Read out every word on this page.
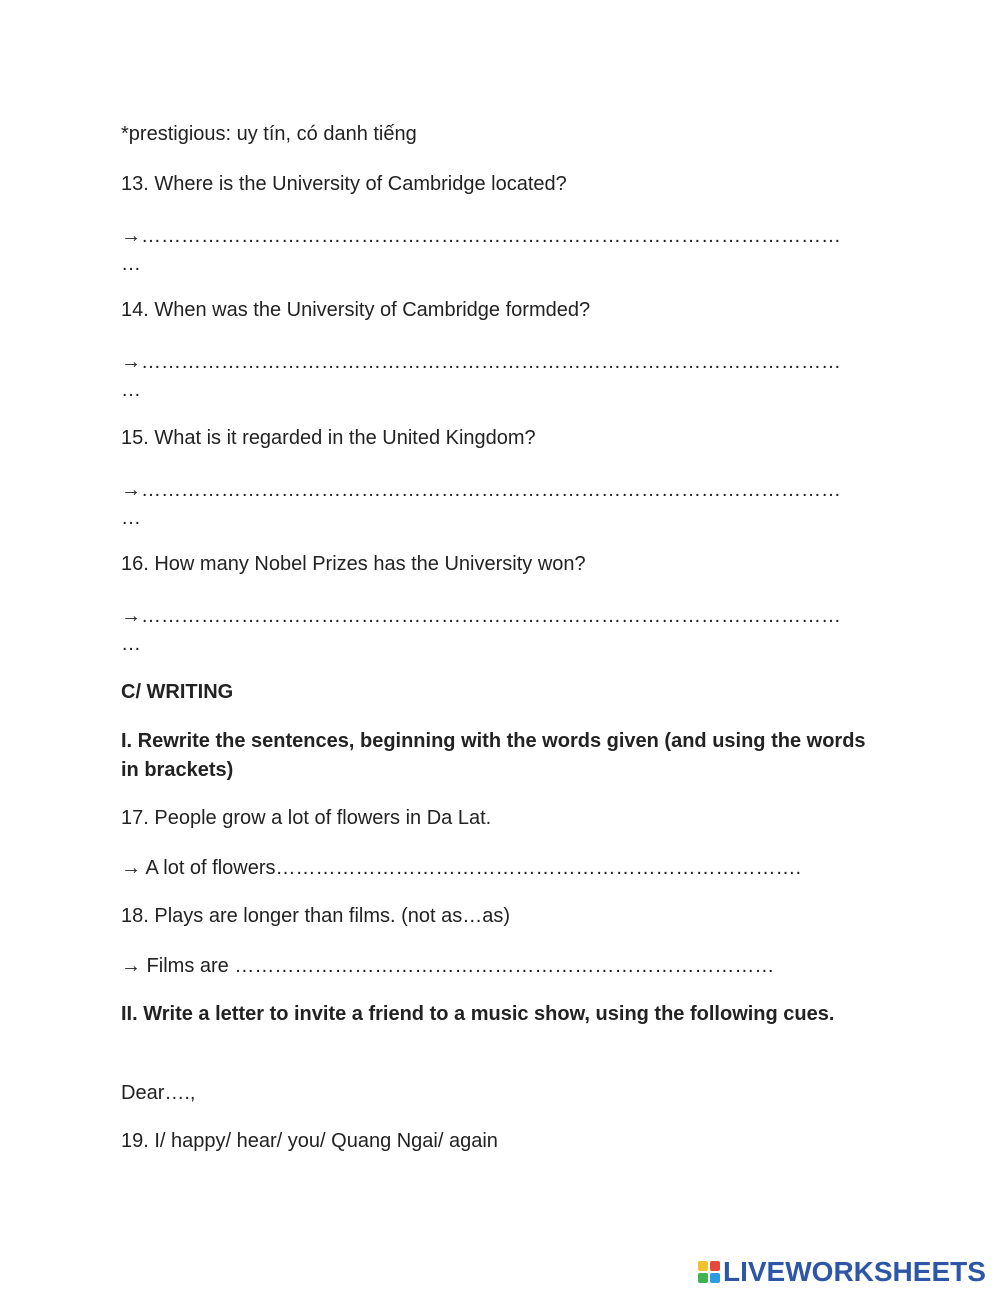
*prestigious: uy tín, có danh tiếng
13. Where is the University of Cambridge located?
→……………………………………………………………………………………………
…
14. When was the University of Cambridge formded?
→……………………………………………………………………………………………
…
15. What is it regarded in the United Kingdom?
→……………………………………………………………………………………………
…
16. How many Nobel Prizes has the University won?
→……………………………………………………………………………………………
…
C/ WRITING
I. Rewrite the sentences, beginning with the words given (and using the words in brackets)
17. People grow a lot of flowers in Da Lat.
→ A lot of flowers…………………………………………………………………….
18. Plays are longer than films. (not as…as)
→ Films are ………………………………………………………………………
II. Write a letter to invite a friend to a music show, using the following cues.
Dear….,
19. I/ happy/ hear/ you/ Quang Ngai/ again
LIVEWORKSHEETS
